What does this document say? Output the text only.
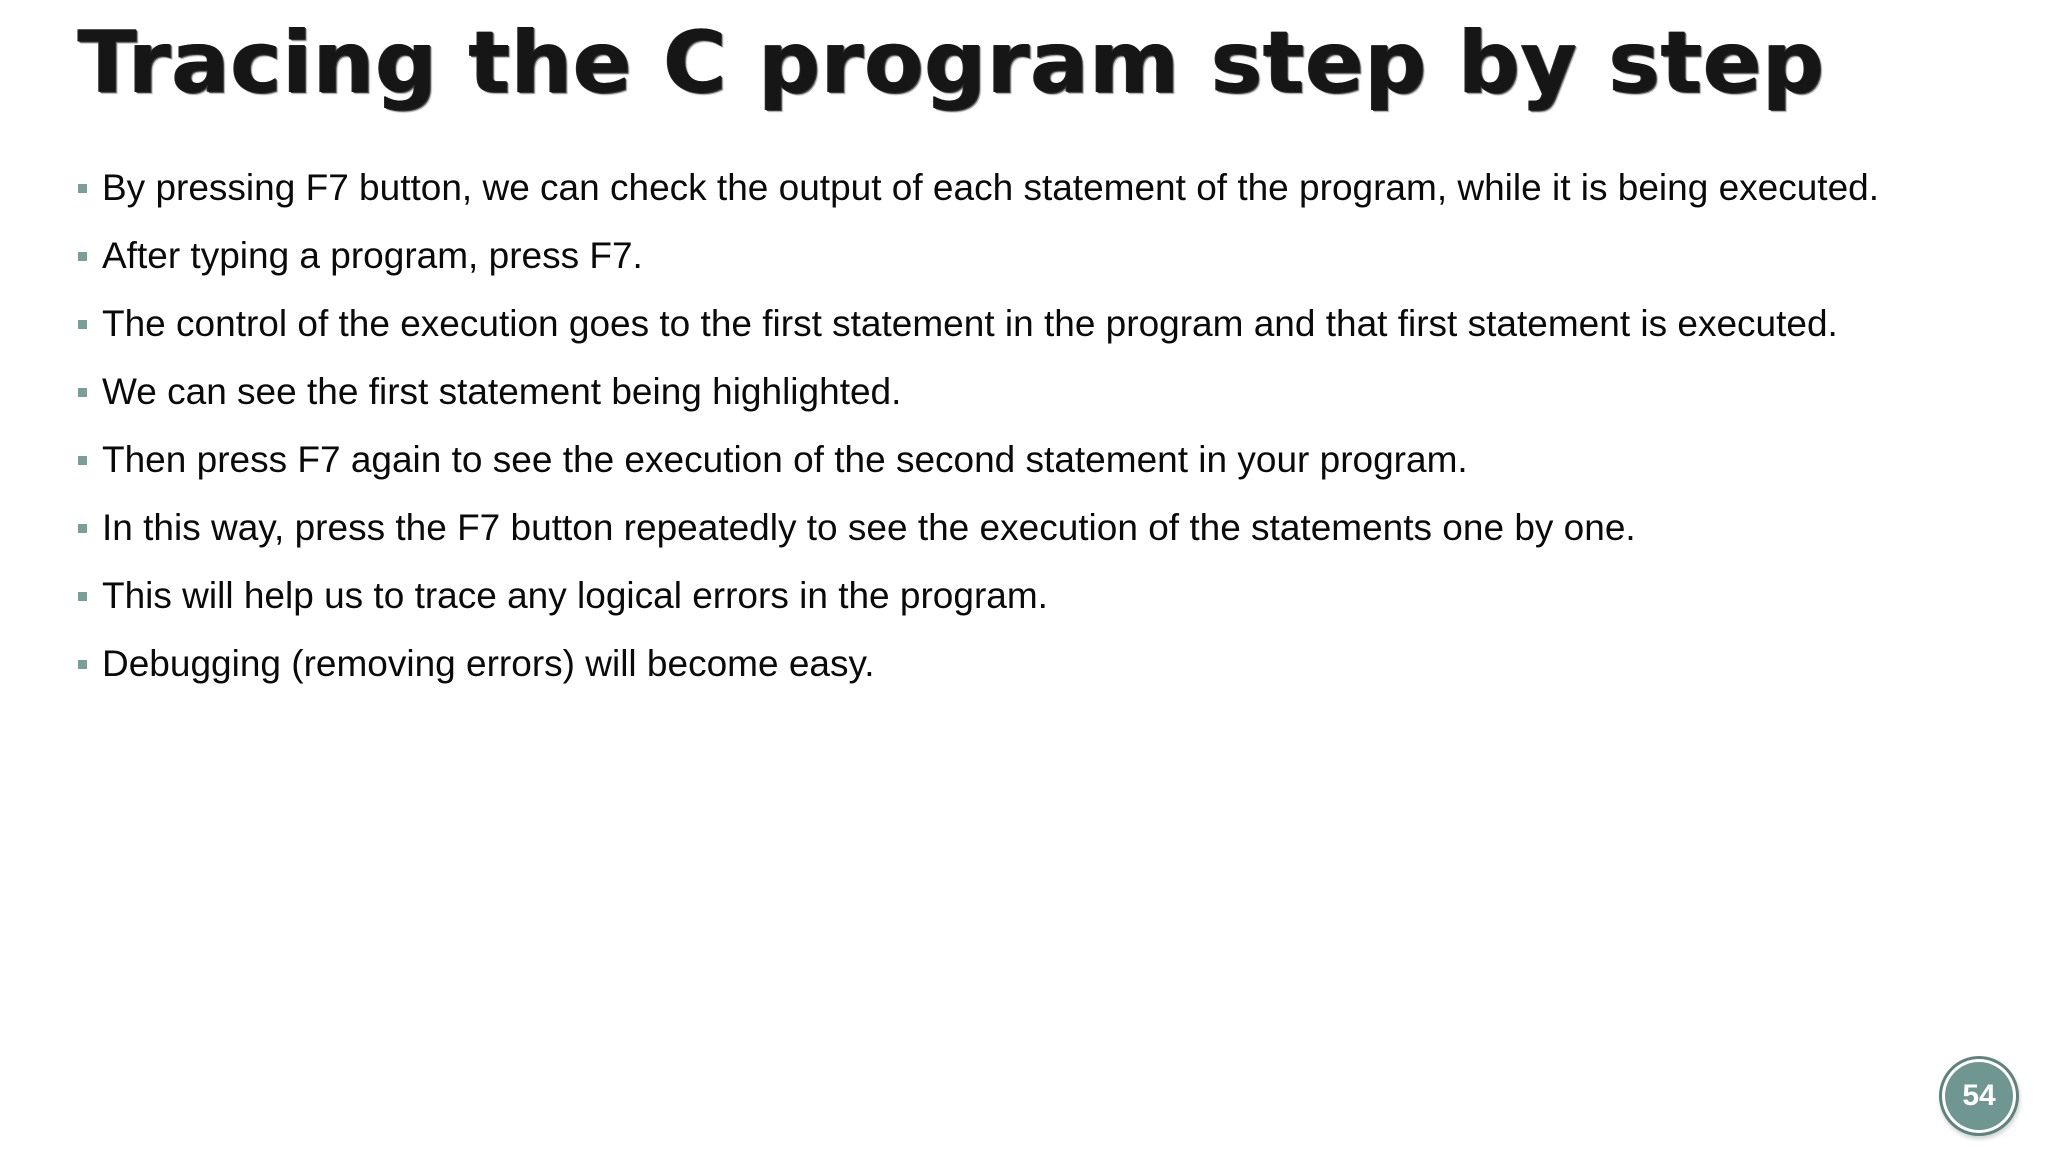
Tracing the C program step by step
By pressing F7 button, we can check the output of each statement of the program, while it is being executed.
After typing a program, press F7.
The control of the execution goes to the first statement in the program and that first statement is executed.
We can see the first statement being highlighted.
Then press F7 again to see the execution of the second statement in your program.
In this way, press the F7 button repeatedly to see the execution of the statements one by one.
This will help us to trace any logical errors in the program.
Debugging (removing errors) will become easy.
54
